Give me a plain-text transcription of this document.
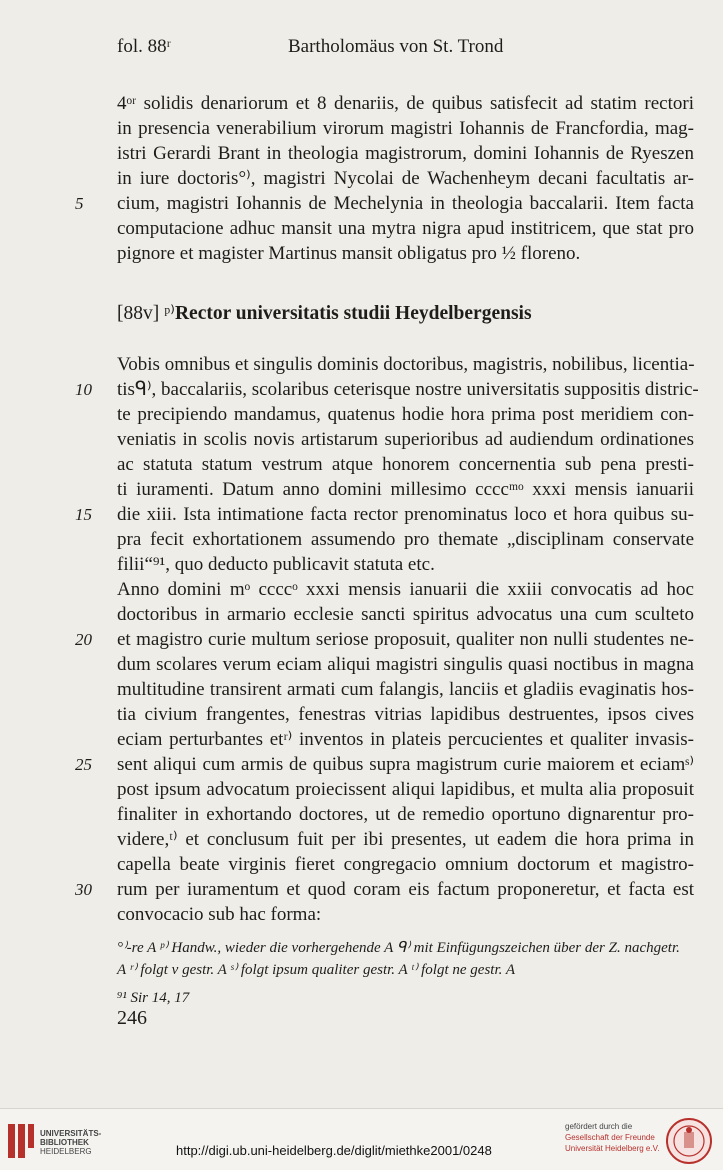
fol. 88ʳ	Bartholomäus von St. Trond
4ᵒʳ solidis denariorum et 8 denariis, de quibus satisfecit ad statim rectori
in presencia venerabilium virorum magistri Iohannis de Francfordia, mag-
istri Gerardi Brant in theologia magistrorum, domini Iohannis de Ryeszen
in iure doctoris°⁾, magistri Nycolai de Wachenheym decani facultatis ar-
cium, magistri Iohannis de Mechelynia in theologia baccalarii. Item facta
computacione adhuc mansit una mytra nigra apud institricem, que stat pro
pignore et magister Martinus mansit obligatus pro ½ floreno.
[88v] ᵖ⁾Rector universitatis studii Heydelbergensis
Vobis omnibus et singulis dominis doctoribus, magistris, nobilibus, licentia-
tisᑫ⁾, baccalariis, scolaribus ceterisque nostre universitatis suppositis distric-
te precipiendo mandamus, quatenus hodie hora prima post meridiem con-
veniatis in scolis novis artistarum superioribus ad audiendum ordinationes
ac statuta statum vestrum atque honorem concernentia sub pena presti-
ti iuramenti. Datum anno domini millesimo ccccᵐᵒ xxxi mensis ianuarii
die xiii. Ista intimatione facta rector prenominatus loco et hora quibus su-
pra fecit exhortationem assumendo pro themate „disciplinam conservate
filii“⁹¹, quo deducto publicavit statuta etc.
Anno domini mᵒ ccccᵒ xxxi mensis ianuarii die xxiii convocatis ad hoc
doctoribus in armario ecclesie sancti spiritus advocatus una cum sculteto
et magistro curie multum seriose proposuit, qualiter non nulli studentes ne-
dum scolares verum eciam aliqui magistri singulis quasi noctibus in magna
multitudine transirent armati cum falangis, lanciis et gladiis evaginatis hos-
tia civium frangentes, fenestras vitrias lapidibus destruentes, ipsos cives
eciam perturbantes etʳ⁾ inventos in plateis percucientes et qualiter invasis-
sent aliqui cum armis de quibus supra magistrum curie maiorem et eciamˢ⁾
post ipsum advocatum proiecissent aliqui lapidibus, et multa alia proposuit
finaliter in exhortando doctores, ut de remedio oportuno dignarentur pro-
videre,ᵗ⁾ et conclusum fuit per ibi presentes, ut eadem die hora prima in
capella beate virginis fieret congregacio omnium doctorum et magistro-
rum per iuramentum et quod coram eis factum proponeretur, et facta est
convocacio sub hac forma:
5
10
15
20
25
30
°⁾-re A ᵖ⁾ Handw., wieder die vorhergehende A ᑫ⁾ mit Einfügungszeichen über der Z. nachgetr.
A ʳ⁾ folgt v gestr. A ˢ⁾ folgt ipsum qualiter gestr. A ᵗ⁾ folgt ne gestr. A
⁹¹ Sir 14, 17
246
UNIVERSITÄTS-
BIBLIOTHEK
HEIDELBERG	http://digi.ub.uni-heidelberg.de/diglit/miethke2001/0248
gefördert durch die
Gesellschaft der Freunde
Universität Heidelberg e.V.
